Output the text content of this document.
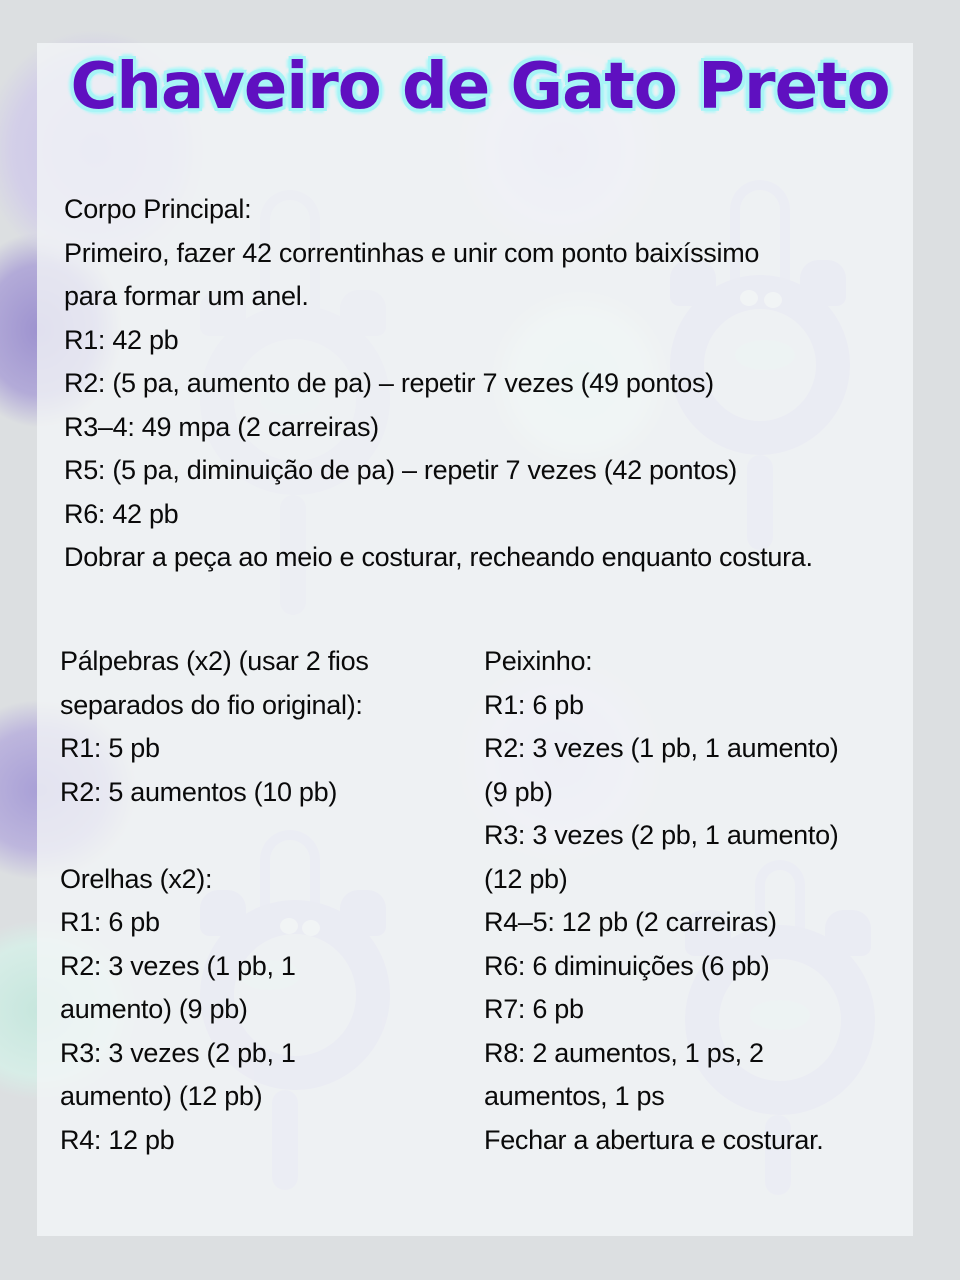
Chaveiro de Gato Preto
Corpo Principal:
Primeiro, fazer 42 correntinhas e unir com ponto baixíssimo
para formar um anel.
R1: 42 pb
R2: (5 pa, aumento de pa) – repetir 7 vezes (49 pontos)
R3–4: 49 mpa (2 carreiras)
R5: (5 pa, diminuição de pa) – repetir 7 vezes (42 pontos)
R6: 42 pb
Dobrar a peça ao meio e costurar, recheando enquanto costura.
Pálpebras (x2) (usar 2 fios
separados do fio original):
R1: 5 pb
R2: 5 aumentos (10 pb)
Orelhas (x2):
R1: 6 pb
R2: 3 vezes (1 pb, 1
aumento) (9 pb)
R3: 3 vezes (2 pb, 1
aumento) (12 pb)
R4: 12 pb
Peixinho:
R1: 6 pb
R2: 3 vezes (1 pb, 1 aumento)
(9 pb)
R3: 3 vezes (2 pb, 1 aumento)
(12 pb)
R4–5: 12 pb (2 carreiras)
R6: 6 diminuições (6 pb)
R7: 6 pb
R8: 2 aumentos, 1 ps, 2
aumentos, 1 ps
Fechar a abertura e costurar.
